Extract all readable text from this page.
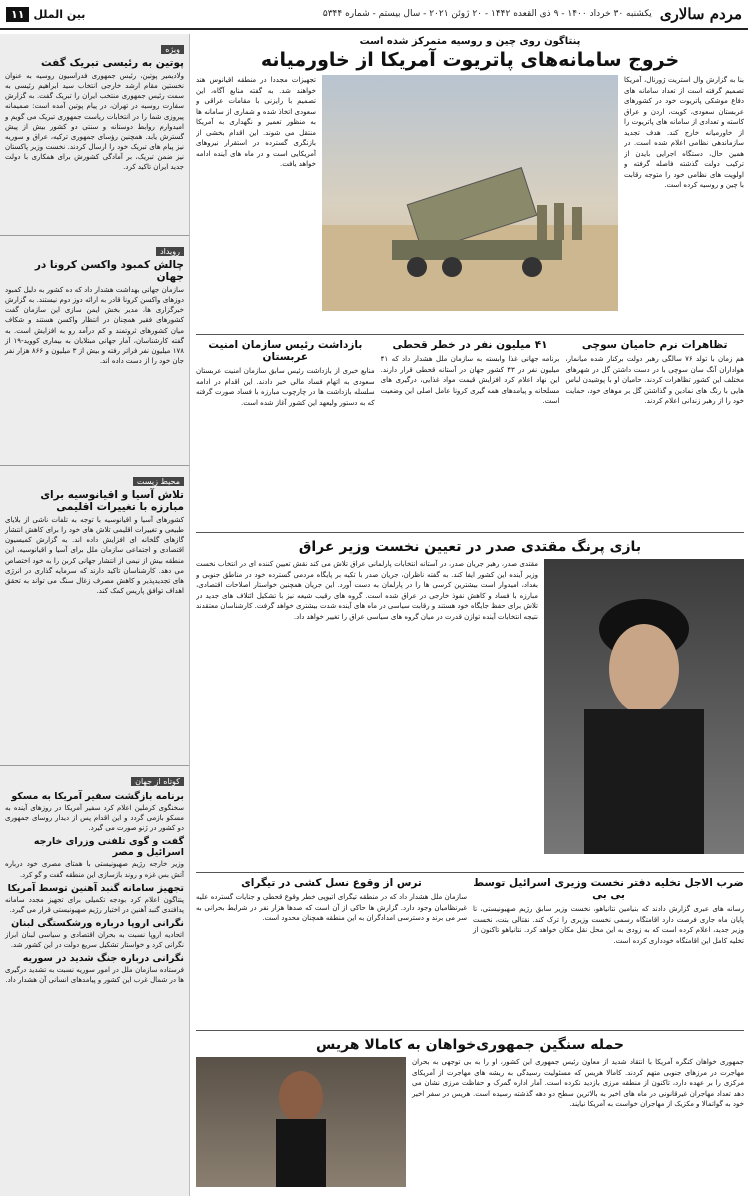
مردم سالاری
یکشنبه ۳۰ خرداد ۱۴۰۰ - ۹ ذی القعده ۱۴۴۲ - ۲۰ ژوئن ۲۰۲۱ - سال بیستم - شماره ۵۳۴۴
بین الملل
۱۱
ویژه
پوتین به رئیسی تبریک گفت
ولادیمیر پوتین، رئیس جمهوری فدراسیون روسیه به عنوان نخستین مقام ارشد خارجی انتخاب سید ابراهیم رئیسی به سمت رئیس جمهوری منتخب ایران را تبریک گفت. به گزارش سفارت روسیه در تهران، در پیام پوتین آمده است: صمیمانه پیروزی شما را در انتخابات ریاست جمهوری تبریک می گویم و امیدوارم روابط دوستانه و سنتی دو کشور بیش از پیش گسترش یابد. همچنین رؤسای جمهوری ترکیه، عراق و سوریه نیز پیام های تبریک خود را ارسال کردند. نخست وزیر پاکستان نیز ضمن تبریک، بر آمادگی کشورش برای همکاری با دولت جدید ایران تاکید کرد.
رویداد
چالش کمبود واکسن کرونا در جهان
سازمان جهانی بهداشت هشدار داد که ده کشور به دلیل کمبود دوزهای واکسن کرونا قادر به ارائه دوز دوم نیستند. به گزارش خبرگزاری ها، مدیر بخش ایمن سازی این سازمان گفت کشورهای فقیر همچنان در انتظار واکسن هستند و شکاف میان کشورهای ثروتمند و کم درآمد رو به افزایش است. به گفته کارشناسان، آمار جهانی مبتلایان به بیماری کووید-۱۹ از ۱۷۸ میلیون نفر فراتر رفته و بیش از ۳ میلیون و ۸۶۶ هزار نفر جان خود را از دست داده اند.
محیط زیست
تلاش آسیا و اقیانوسیه برای مبارزه با تغییرات اقلیمی
کشورهای آسیا و اقیانوسیه با توجه به تلفات ناشی از بلایای طبیعی و تغییرات اقلیمی تلاش های خود را برای کاهش انتشار گازهای گلخانه ای افزایش داده اند. به گزارش کمیسیون اقتصادی و اجتماعی سازمان ملل برای آسیا و اقیانوسیه، این منطقه بیش از نیمی از انتشار جهانی کربن را به خود اختصاص می دهد. کارشناسان تاکید دارند که سرمایه گذاری در انرژی های تجدیدپذیر و کاهش مصرف زغال سنگ می تواند به تحقق اهداف توافق پاریس کمک کند.
کوتاه از جهان
برنامه بازگشت سفیر آمریکا به مسکو
سخنگوی کرملین اعلام کرد سفیر آمریکا در روزهای آینده به مسکو بازمی گردد و این اقدام پس از دیدار روسای جمهوری دو کشور در ژنو صورت می گیرد.
گفت و گوی تلفنی وزرای خارجه اسرائیل و مصر
وزیر خارجه رژیم صهیونیستی با همتای مصری خود درباره آتش بس غزه و روند بازسازی این منطقه گفت و گو کرد.
تجهیز سامانه گنبد آهنین توسط آمریکا
پنتاگون اعلام کرد بودجه تکمیلی برای تجهیز مجدد سامانه پدافندی گنبد آهنین در اختیار رژیم صهیونیستی قرار می گیرد.
نگرانی اروپا درباره ورشکستگی لبنان
اتحادیه اروپا نسبت به بحران اقتصادی و سیاسی لبنان ابراز نگرانی کرد و خواستار تشکیل سریع دولت در این کشور شد.
نگرانی درباره جنگ شدید در سوریه
فرستاده سازمان ملل در امور سوریه نسبت به تشدید درگیری ها در شمال غرب این کشور و پیامدهای انسانی آن هشدار داد.
پنتاگون روی چین و روسیه متمرکز شده است
خروج سامانه‌های پاتریوت آمریکا از خاورمیانه
بنا به گزارش وال استریت ژورنال، آمریکا تصمیم گرفته است از تعداد سامانه های دفاع موشکی پاتریوت خود در کشورهای عربستان سعودی، کویت، اردن و عراق کاسته و تعدادی از سامانه های پاتریوت را از خاورمیانه خارج کند. هدف تجدید سازماندهی نظامی اعلام شده است. در همین حال، دستگاه اجرایی بایدن از ترکیب دولت گذشته فاصله گرفته و اولویت های نظامی خود را متوجه رقابت با چین و روسیه کرده است.
تجهیزات مجددا در منطقه اقیانوس هند خواهند شد. به گفته منابع آگاه، این تصمیم با رایزنی با مقامات عراقی و سعودی اتخاذ شده و شماری از سامانه ها به منظور تعمیر و نگهداری به آمریکا منتقل می شوند. این اقدام بخشی از بازنگری گسترده در استقرار نیروهای آمریکایی است و در ماه های آینده ادامه خواهد یافت.
تظاهرات نرم حامیان سوچی
هم زمان با تولد ۷۶ سالگی رهبر دولت برکنار شده میانمار، هواداران آنگ سان سوچی با در دست داشتن گل در شهرهای مختلف این کشور تظاهرات کردند. حامیان او با پوشیدن لباس هایی با رنگ های نمادین و گذاشتن گل بر موهای خود، حمایت خود را از رهبر زندانی اعلام کردند.
۴۱ میلیون نفر در خطر قحطی
برنامه جهانی غذا وابسته به سازمان ملل هشدار داد که ۴۱ میلیون نفر در ۴۳ کشور جهان در آستانه قحطی قرار دارند. این نهاد اعلام کرد افزایش قیمت مواد غذایی، درگیری های مسلحانه و پیامدهای همه گیری کرونا عامل اصلی این وضعیت است.
بازداشت رئیس سازمان امنیت عربستان
منابع خبری از بازداشت رئیس سابق سازمان امنیت عربستان سعودی به اتهام فساد مالی خبر دادند. این اقدام در ادامه سلسله بازداشت ها در چارچوب مبارزه با فساد صورت گرفته که به دستور ولیعهد این کشور آغاز شده است.
بازی پرنگ مقتدی صدر در تعیین نخست وزیر عراق
مقتدی صدر، رهبر جریان صدر، در آستانه انتخابات پارلمانی عراق تلاش می کند نقش تعیین کننده ای در انتخاب نخست وزیر آینده این کشور ایفا کند. به گفته ناظران، جریان صدر با تکیه بر پایگاه مردمی گسترده خود در مناطق جنوبی و بغداد، امیدوار است بیشترین کرسی ها را در پارلمان به دست آورد. این جریان همچنین خواستار اصلاحات اقتصادی، مبارزه با فساد و کاهش نفوذ خارجی در عراق شده است. گروه های رقیب شیعه نیز با تشکیل ائتلاف های جدید در تلاش برای حفظ جایگاه خود هستند و رقابت سیاسی در ماه های آینده شدت بیشتری خواهد گرفت. کارشناسان معتقدند نتیجه انتخابات آینده توازن قدرت در میان گروه های سیاسی عراق را تغییر خواهد داد.
ضرب الاجل تخلیه دفتر نخست وزیری اسرائیل توسط بی بی
رسانه های عبری گزارش دادند که بنیامین نتانیاهو، نخست وزیر سابق رژیم صهیونیستی، تا پایان ماه جاری فرصت دارد اقامتگاه رسمی نخست وزیری را ترک کند. نفتالی بنت، نخست وزیر جدید، اعلام کرده است که به زودی به این محل نقل مکان خواهد کرد. نتانیاهو تاکنون از تخلیه کامل این اقامتگاه خودداری کرده است.
ترس از وقوع نسل کشی در تیگرای
سازمان ملل هشدار داد که در منطقه تیگرای اتیوپی خطر وقوع قحطی و جنایات گسترده علیه غیرنظامیان وجود دارد. گزارش ها حاکی از آن است که صدها هزار نفر در شرایط بحرانی به سر می برند و دسترسی امدادگران به این منطقه همچنان محدود است.
حمله سنگین جمهوری‌خواهان به کامالا هریس
جمهوری خواهان کنگره آمریکا با انتقاد شدید از معاون رئیس جمهوری این کشور، او را به بی توجهی به بحران مهاجرت در مرزهای جنوبی متهم کردند. کامالا هریس که مسئولیت رسیدگی به ریشه های مهاجرت از آمریکای مرکزی را بر عهده دارد، تاکنون از منطقه مرزی بازدید نکرده است. آمار اداره گمرک و حفاظت مرزی نشان می دهد تعداد مهاجران غیرقانونی در ماه های اخیر به بالاترین سطح دو دهه گذشته رسیده است. هریس در سفر اخیر خود به گواتمالا و مکزیک از مهاجران خواست به آمریکا نیایند.
